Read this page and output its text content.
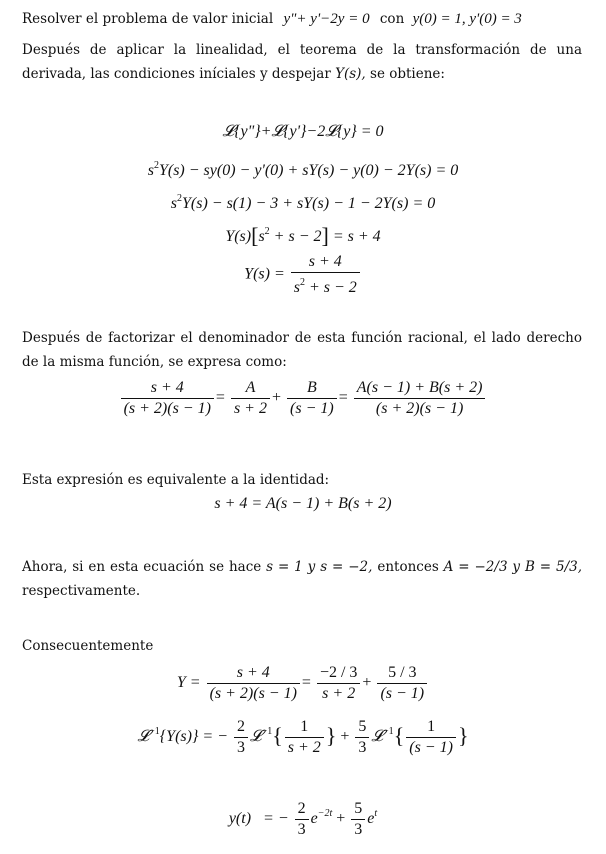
Resolver el problema de valor inicial y"+ y'−2y = 0 con y(0) = 1, y'(0) = 3
Después de aplicar la linealidad, el teorema de la transformación de una derivada, las condiciones iníciales y despejar Y(s), se obtiene:
𝓛{y"}+𝓛{y'}−2𝓛{y} = 0
$s^2Y(s) - sy(0) - y'(0) + sY(s) - y(0) - 2Y(s) = 0$
$s^2Y(s) - s(1) - 3 + sY(s) - 1 - 2Y(s) = 0$
$Y(s)[s^2 + s - 2] = s + 4$
$Y(s) = \frac{s + 4}{s^2 + s - 2}$
Después de factorizar el denominador de esta función racional, el lado derecho de la misma función, se expresa como:
$\frac{s + 4}{(s + 2)(s - 1)} = \frac{A}{s + 2} + \frac{B}{(s - 1)} = \frac{A(s - 1) + B(s + 2)}{(s + 2)(s - 1)}$
Esta expresión es equivalente a la identidad:
s + 4 = A(s − 1) + B(s + 2)
Ahora, si en esta ecuación se hace s = 1 y s = −2, entonces A = −2/3 y B = 5/3, respectivamente.
Consecuentemente
$Y = \frac{s + 4}{(s + 2)(s - 1)} = \frac{-2 / 3}{s + 2} + \frac{5 / 3}{(s - 1)}$
𝓛$^{-1}${Y(s)} = − $\frac{2}{3}$ 𝓛$^{-1}${ $\frac{1}{s + 2}$ } + $\frac{5}{3}$ 𝓛$^{-1}${ $\frac{1}{(s - 1)}$ }
y(t)   = − $\frac{2}{3} e^{-2t} + \frac{5}{3} e^t$
